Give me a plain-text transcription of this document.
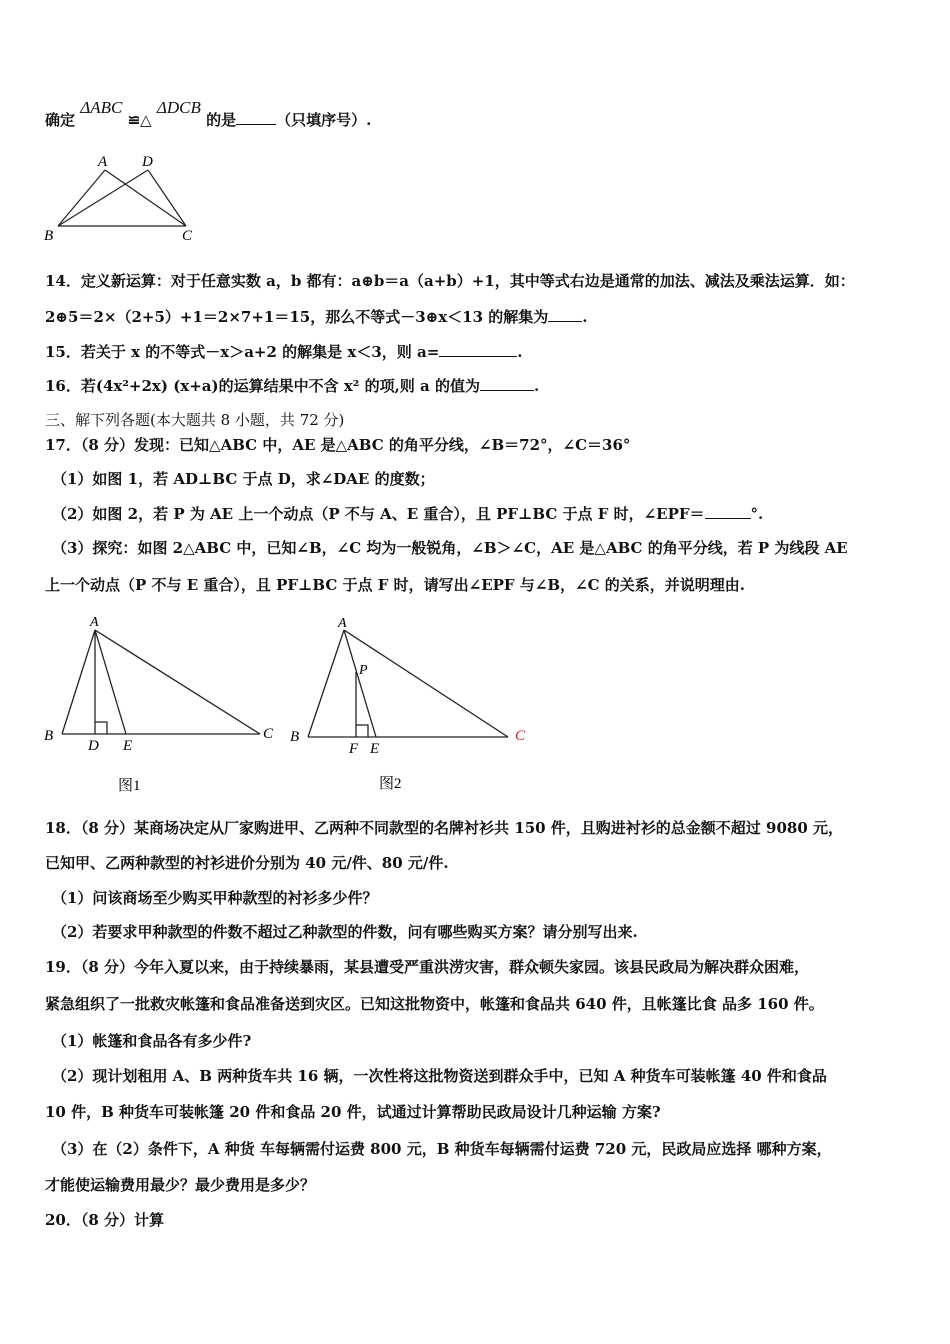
确定 ΔABC ≌△ ΔDCB 的是	（只填序号）.
A D
B	C
14．定义新运算：对于任意实数 a，b 都有：a⊕b＝a（a+b）+1，其中等式右边是通常的加法、减法及乘法运算．如：
2⊕5＝2×（2+5）+1＝2×7+1＝15，那么不等式－3⊕x＜13 的解集为 .
15．若关于 x 的不等式－x＞a+2 的解集是 x＜3，则 a=	.
16．若(4x²+2x) (x+a)的运算结果中不含 x² 的项,则 a 的值为	.
三、解下列各题(本大题共 8 小题，共 72 分)
17．（8 分）发现：已知△ABC 中，AE 是△ABC 的角平分线，∠B＝72°，∠C＝36°
（1）如图 1，若 AD⊥BC 于点 D，求∠DAE 的度数；
（2）如图 2，若 P 为 AE 上一个动点（P 不与 A、E 重合），且 PF⊥BC 于点 F 时，∠EPF＝	°.
（3）探究：如图 2△ABC 中，已知∠B，∠C 均为一般锐角，∠B＞∠C，AE 是△ABC 的角平分线，若 P 为线段 AE
上一个动点（P 不与 E 重合），且 PF⊥BC 于点 F 时，请写出∠EPF 与∠B，∠C 的关系，并说明理由.
A
B	C
D E
图1
A
P
B	C
F E
图2
18．（8 分）某商场决定从厂家购进甲、乙两种不同款型的名牌衬衫共 150 件，且购进衬衫的总金额不超过 9080 元，
已知甲、乙两种款型的衬衫进价分别为 40 元/件、80 元/件.
（1）问该商场至少购买甲种款型的衬衫多少件？
（2）若要求甲种款型的件数不超过乙种款型的件数，问有哪些购买方案？请分别写出来.
19．（8 分）今年入夏以来，由于持续暴雨，某县遭受严重洪涝灾害，群众顿失家园。该县民政局为解决群众困难，
紧急组织了一批救灾帐篷和食品准备送到灾区。已知这批物资中，帐篷和食品共 640 件，且帐篷比食 品多 160 件。
（1）帐篷和食品各有多少件?
（2）现计划租用 A、B 两种货车共 16 辆，一次性将这批物资送到群众手中，已知 A 种货车可装帐篷 40 件和食品
10 件，B 种货车可装帐篷 20 件和食品 20 件，试通过计算帮助民政局设计几种运输 方案?
（3）在（2）条件下，A 种货 车每辆需付运费 800 元，B 种货车每辆需付运费 720 元，民政局应选择 哪种方案，
才能使运输费用最少？最少费用是多少？
20．（8 分）计算
